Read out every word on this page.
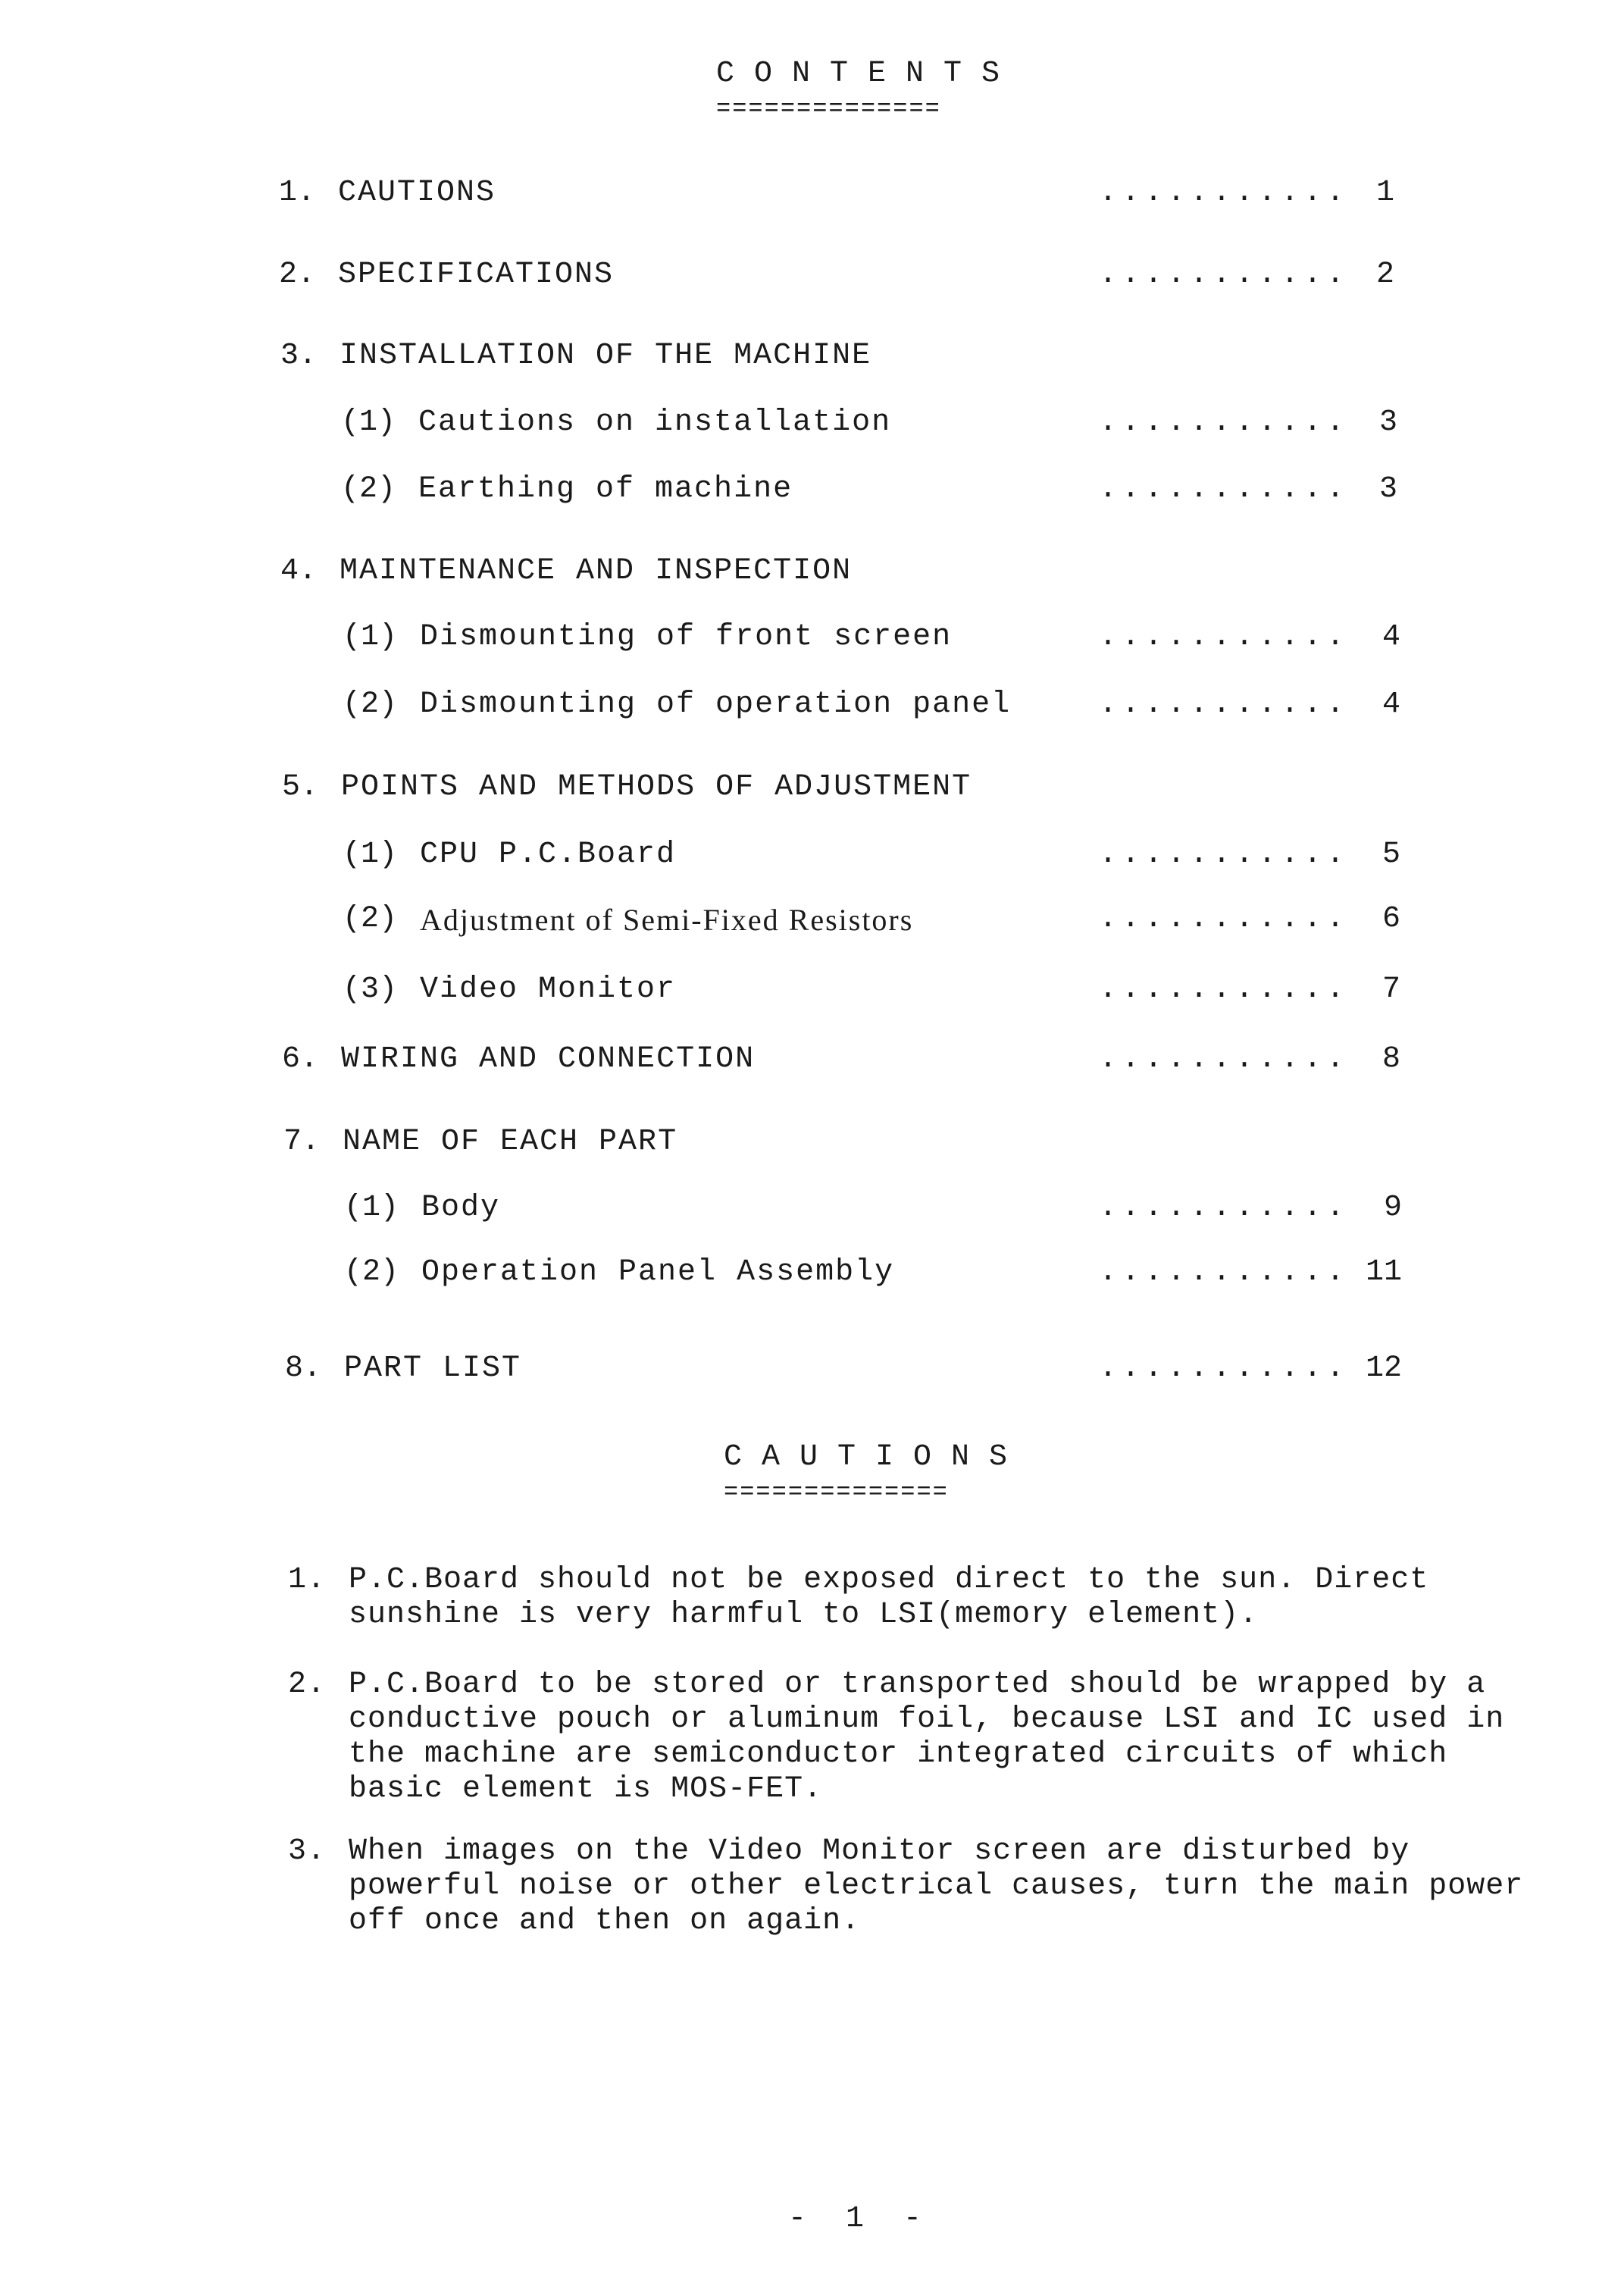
CONTENTS
==============
1. CAUTIONS	........... 1
2. SPECIFICATIONS	........... 2
3. INSTALLATION OF THE MACHINE
(1) Cautions on installation	........... 3
(2) Earthing of machine	........... 3
4. MAINTENANCE AND INSPECTION
(1) Dismounting of front screen	...........	4
(2) Dismounting of operation panel	...........	4
5. POINTS AND METHODS OF ADJUSTMENT
(1) CPU P.C.Board	...........	5
(2) Adjustment of Semi-Fixed Resistors	...........	6
(3) Video Monitor	...........	7
6. WIRING AND CONNECTION	...........	8
7. NAME OF EACH PART
(1) Body	...........	9
(2) Operation Panel Assembly	........... 11
8. PART LIST	........... 12
CAUTIONS
==============
1. P.C.Board should not be exposed direct to the sun. Direct sunshine is very harmful to LSI(memory element).
2. P.C.Board to be stored or transported should be wrapped by a conductive pouch or aluminum foil, because LSI and IC used in the machine are semiconductor integrated circuits of which basic element is MOS-FET.
3. When images on the Video Monitor screen are disturbed by powerful noise or other electrical causes, turn the main power off once and then on again.
- 1 -
